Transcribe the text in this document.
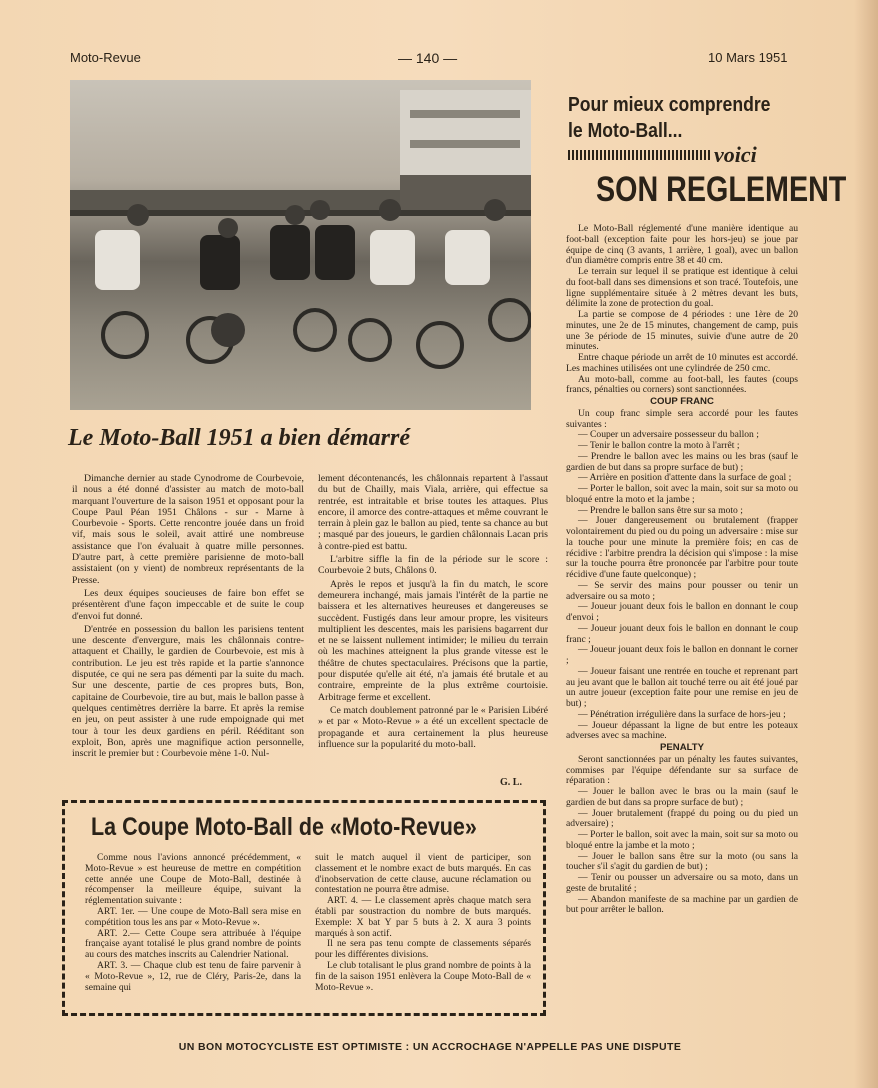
Moto-Revue	— 140 —	10 Mars 1951
Le Moto-Ball 1951 a bien démarré

Dimanche dernier au stade Cynodrome de Courbevoie, il nous a été donné d'assister au match de moto-ball marquant l'ouverture de la saison 1951 et opposant pour la Coupe Paul Péan 1951 Châlons - sur - Marne à Courbevoie - Sports. Cette rencontre jouée dans un froid vif, mais sous le soleil, avait attiré une nombreuse assistance que l'on évaluait à quatre mille personnes. D'autre part, à cette première parisienne de moto-ball assistaient (on y vient) de nombreux représentants de la Presse.

Les deux équipes soucieuses de faire bon effet se présentèrent d'une façon impeccable et de suite le coup d'envoi fut donné.

D'entrée en possession du ballon les parisiens tentent une descente d'envergure, mais les châlonnais contre-attaquent et Chailly, le gardien de Courbevoie, est mis à contribution. Le jeu est très rapide et la partie s'annonce disputée, ce qui ne sera pas démenti par la suite du mach. Sur une descente, partie de ces propres buts, Bon, capitaine de Courbevoie, tire au but, mais le ballon passe à quelques centimètres derrière la barre. Et après la remise en jeu, on peut assister à une rude empoignade qui met tour à tour les deux gardiens en péril. Rééditant son exploit, Bon, après une magnifique action personnelle, inscrit le premier but : Courbevoie mène 1-0. Nul-

lement décontenancés, les châlonnais repartent à l'assaut du but de Chailly, mais Viala, arrière, qui effectue sa rentrée, est intraitable et brise toutes les attaques. Plus encore, il amorce des contre-attaques et même couvrant le terrain à plein gaz le ballon au pied, tente sa chance au but ; masqué par des joueurs, le gardien châlonnais Lacan pris à contre-pied est battu.

L'arbitre siffle la fin de la période sur le score : Courbevoie 2 buts, Châlons 0.

Après le repos et jusqu'à la fin du match, le score demeurera inchangé, mais jamais l'intérêt de la partie ne baissera et les alternatives heureuses et dangereuses se succèdent. Fustigés dans leur amour propre, les visiteurs multiplient les descentes, mais les parisiens bagarrent dur et ne se laissent nullement intimider; le milieu du terrain où les machines atteignent la plus grande vitesse est le théâtre de chutes spectaculaires. Précisons que la partie, pour disputée qu'elle ait été, n'a jamais été brutale et au contraire, empreinte de la plus extrême courtoisie. Arbitrage ferme et excellent.

Ce match doublement patronné par le « Parisien Libéré » et par « Moto-Revue » a été un excellent spectacle de propagande et aura certainement la plus heureuse influence sur la popularité du moto-ball.

G. L.
Pour mieux comprendre
le Moto-Ball...
voici
SON REGLEMENT

Le Moto-Ball réglementé d'une manière identique au foot-ball (exception faite pour les hors-jeu) se joue par équipe de cinq (3 avants, 1 arrière, 1 goal), avec un ballon d'un diamètre compris entre 38 et 40 cm.

Le terrain sur lequel il se pratique est identique à celui du foot-ball dans ses dimensions et son tracé. Toutefois, une ligne supplémentaire située à 2 mètres devant les buts, délimite la zone de protection du goal.

La partie se compose de 4 périodes : une 1ère de 20 minutes, une 2e de 15 minutes, changement de camp, puis une 3e période de 15 minutes, suivie d'une autre de 20 minutes.

Entre chaque période un arrêt de 10 minutes est accordé. Les machines utilisées ont une cylindrée de 250 cmc.

Au moto-ball, comme au foot-ball, les fautes (coups francs, pénalties ou corners) sont sanctionnées.

COUP FRANC

Un coup franc simple sera accordé pour les fautes suivantes :

— Couper un adversaire possesseur du ballon ;

— Tenir le ballon contre la moto à l'arrêt ;

— Prendre le ballon avec les mains ou les bras (sauf le gardien de but dans sa propre surface de but) ;

— Arrière en position d'attente dans la surface de goal ;

— Porter le ballon, soit avec la main, soit sur sa moto ou bloqué entre la moto et la jambe ;

— Prendre le ballon sans être sur sa moto ;

— Jouer dangereusement ou brutalement (frapper volontairement du pied ou du poing un adversaire : mise sur la touche pour une minute la première fois; en cas de récidive : l'arbitre prendra la décision qui s'impose : la mise sur la touche pourra être prononcée par l'arbitre pour toute récidive d'une faute quelconque) ;

— Se servir des mains pour pousser ou tenir un adversaire ou sa moto ;

— Joueur jouant deux fois le ballon en donnant le coup d'envoi ;

— Joueur jouant deux fois le ballon en donnant le coup franc ;

— Joueur jouant deux fois le ballon en donnant le corner ;

— Joueur faisant une rentrée en touche et reprenant part au jeu avant que le ballon ait touché terre ou ait été joué par un autre joueur (exception faite pour une remise en jeu de but) ;

— Pénétration irrégulière dans la surface de hors-jeu ;

— Joueur dépassant la ligne de but entre les poteaux adverses avec sa machine.

PENALTY

Seront sanctionnées par un pénalty les fautes suivantes, commises par l'équipe défendante sur sa surface de réparation :

— Jouer le ballon avec le bras ou la main (sauf le gardien de but dans sa propre surface de but) ;

— Jouer brutalement (frappé du poing ou du pied un adversaire) ;

— Porter le ballon, soit avec la main, soit sur sa moto ou bloqué entre la jambe et la moto ;

— Jouer le ballon sans être sur la moto (ou sans la toucher s'il s'agit du gardien de but) ;

— Tenir ou pousser un adversaire ou sa moto, dans un geste de brutalité ;

— Abandon manifeste de sa machine par un gardien de but pour arrêter le ballon.

La Coupe Moto-Ball de «Moto-Revue»

Comme nous l'avions annoncé précédemment, « Moto-Revue » est heureuse de mettre en compétition cette année une Coupe de Moto-Ball, destinée à récompenser la meilleure équipe, suivant la réglementation suivante :

ART. 1er. — Une coupe de Moto-Ball sera mise en compétition tous les ans par « Moto-Revue ».

ART. 2.— Cette Coupe sera attribuée à l'équipe française ayant totalisé le plus grand nombre de points au cours des matches inscrits au Calendrier National.

ART. 3. — Chaque club est tenu de faire parvenir à « Moto-Revue », 12, rue de Cléry, Paris-2e, dans la semaine qui

suit le match auquel il vient de participer, son classement et le nombre exact de buts marqués. En cas d'inobservation de cette clause, aucune réclamation ou contestation ne pourra être admise.

ART. 4. — Le classement après chaque match sera établi par soustraction du nombre de buts marqués. Exemple: X bat Y par 5 buts à 2. X aura 3 points marqués à son actif.

Il ne sera pas tenu compte de classements séparés pour les différentes divisions.

Le club totalisant le plus grand nombre de points à la fin de la saison 1951 enlèvera la Coupe Moto-Ball de « Moto-Revue ».

UN BON MOTOCYCLISTE EST OPTIMISTE : UN ACCROCHAGE N'APPELLE PAS UNE DISPUTE
